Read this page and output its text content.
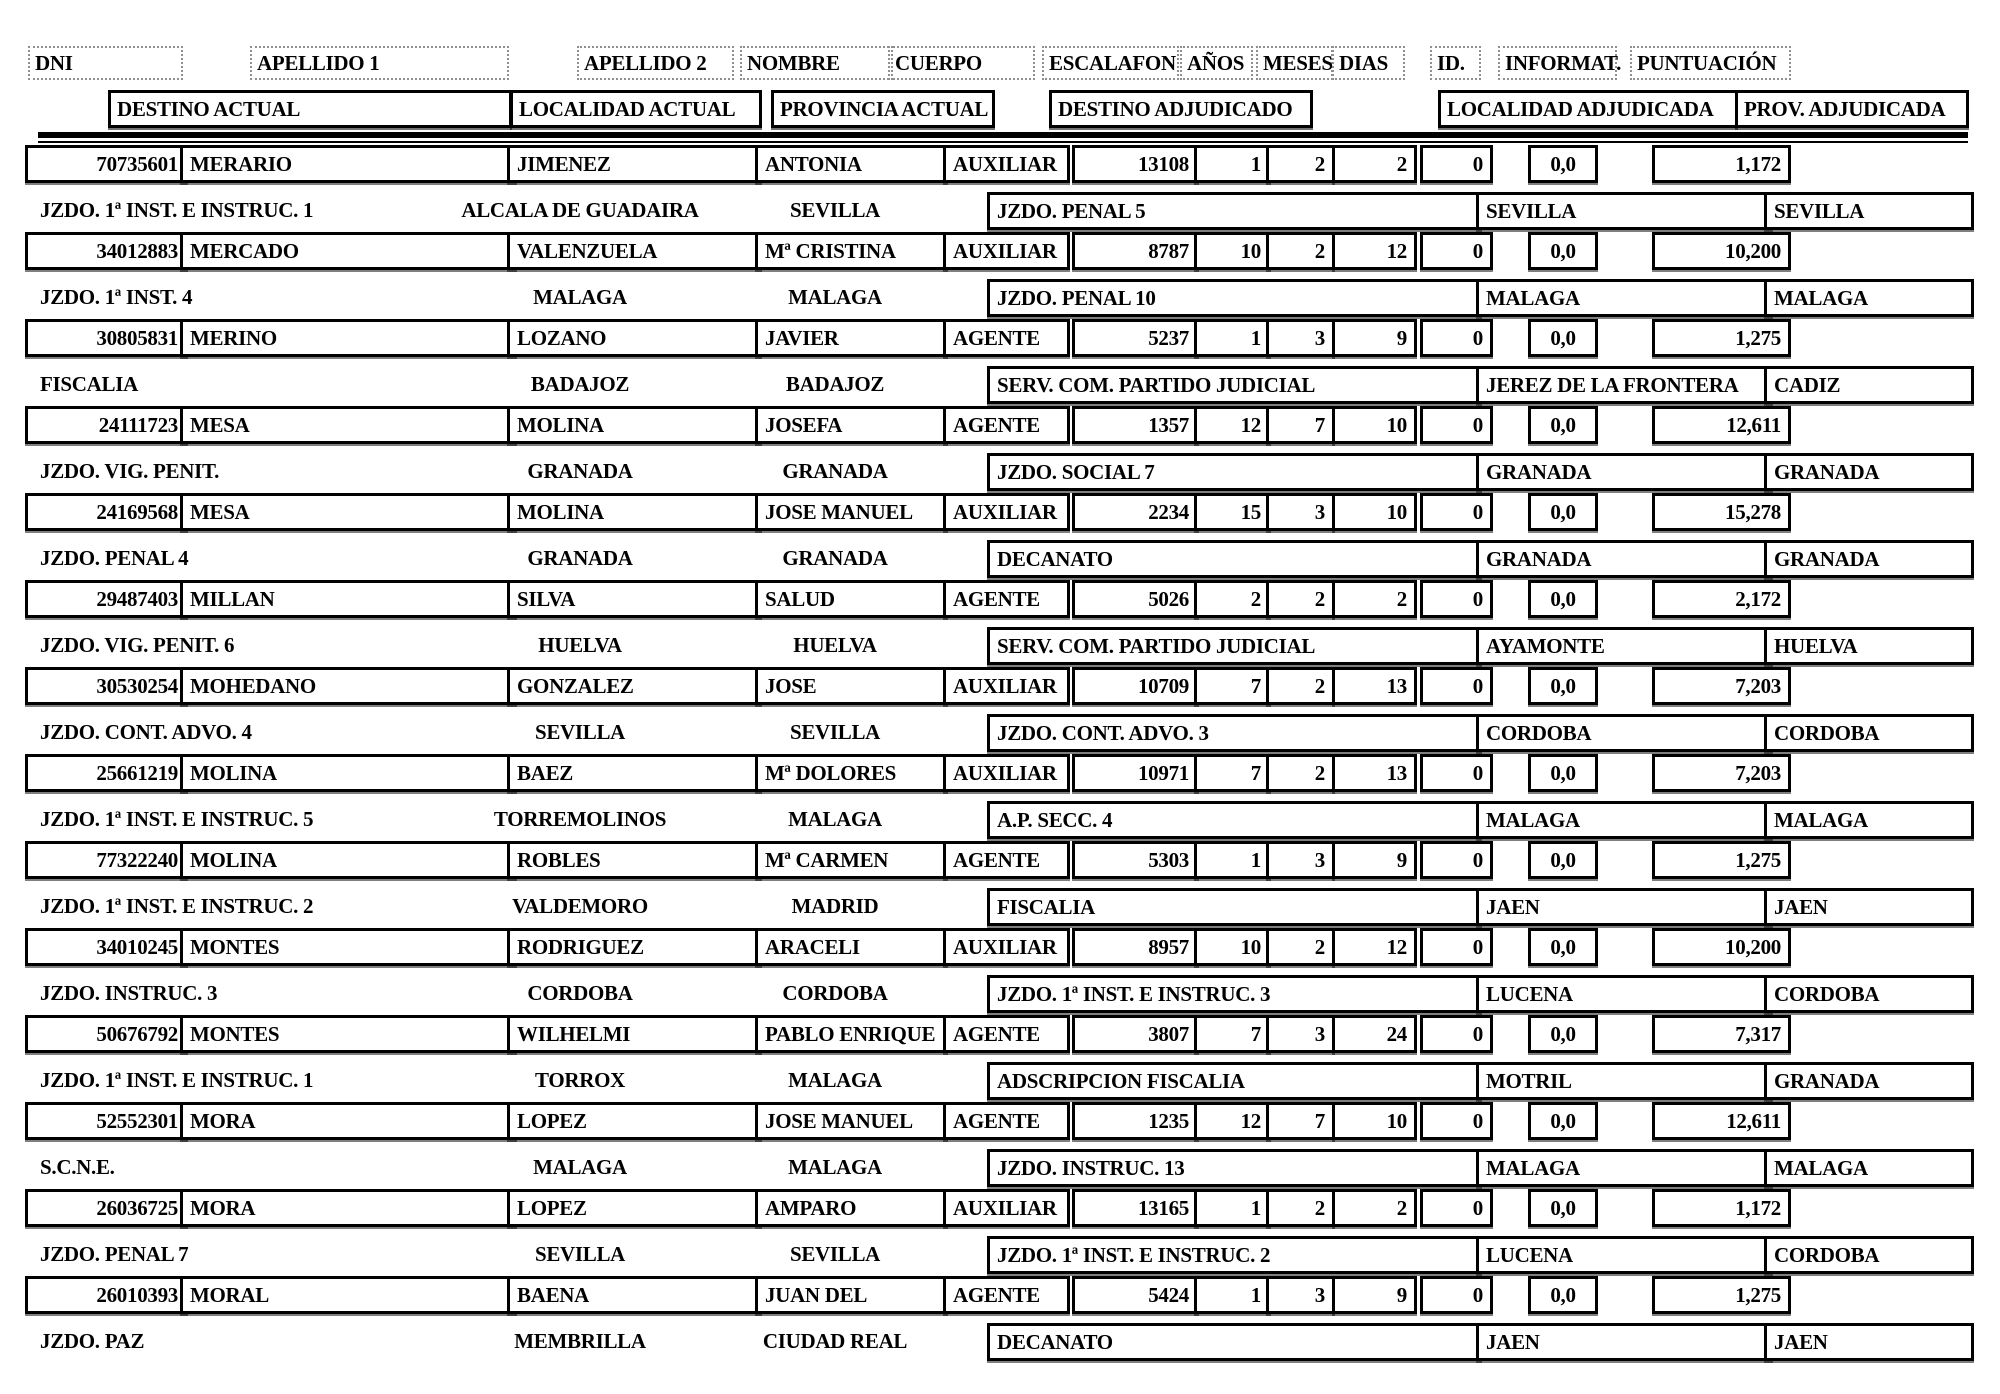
DNI	APELLIDO 1	APELLIDO 2	NOMBRE	CUERPO	ESCALAFON AÑOS MESES DIAS	ID.	INFORMAT. PUNTUACIÓN
DESTINO ACTUAL	LOCALIDAD ACTUAL	PROVINCIA ACTUAL	DESTINO ADJUDICADO	LOCALIDAD ADJUDICADA	PROV. ADJUDICADA
70735601 MERARIO	JIMENEZ	ANTONIA	AUXILIAR	13108	1	2	2	0	0,0	1,172
JZDO. 1ª INST. E INSTRUC. 1	ALCALA DE GUADAIRA	SEVILLA	JZDO. PENAL 5	SEVILLA	SEVILLA
34012883 MERCADO	VALENZUELA	Mª CRISTINA	AUXILIAR	8787	10	2	12	0	0,0	10,200
JZDO. 1ª INST. 4	MALAGA	MALAGA	JZDO. PENAL 10	MALAGA	MALAGA
30805831 MERINO	LOZANO	JAVIER	AGENTE	5237	1	3	9	0	0,0	1,275
FISCALIA	BADAJOZ	BADAJOZ	SERV. COM. PARTIDO JUDICIAL	JEREZ DE LA FRONTERA	CADIZ
24111723 MESA	MOLINA	JOSEFA	AGENTE	1357	12	7	10	0	0,0	12,611
JZDO. VIG. PENIT.	GRANADA	GRANADA	JZDO. SOCIAL 7	GRANADA	GRANADA
24169568 MESA	MOLINA	JOSE MANUEL	AUXILIAR	2234	15	3	10	0	0,0	15,278
JZDO. PENAL 4	GRANADA	GRANADA	DECANATO	GRANADA	GRANADA
29487403 MILLAN	SILVA	SALUD	AGENTE	5026	2	2	2	0	0,0	2,172
JZDO. VIG. PENIT. 6	HUELVA	HUELVA	SERV. COM. PARTIDO JUDICIAL	AYAMONTE	HUELVA
30530254 MOHEDANO	GONZALEZ	JOSE	AUXILIAR	10709	7	2	13	0	0,0	7,203
JZDO. CONT. ADVO. 4	SEVILLA	SEVILLA	JZDO. CONT. ADVO. 3	CORDOBA	CORDOBA
25661219 MOLINA	BAEZ	Mª DOLORES	AUXILIAR	10971	7	2	13	0	0,0	7,203
JZDO. 1ª INST. E INSTRUC. 5	TORREMOLINOS	MALAGA	A.P. SECC. 4	MALAGA	MALAGA
77322240 MOLINA	ROBLES	Mª CARMEN	AGENTE	5303	1	3	9	0	0,0	1,275
JZDO. 1ª INST. E INSTRUC. 2	VALDEMORO	MADRID	FISCALIA	JAEN	JAEN
34010245 MONTES	RODRIGUEZ	ARACELI	AUXILIAR	8957	10	2	12	0	0,0	10,200
JZDO. INSTRUC. 3	CORDOBA	CORDOBA	JZDO. 1ª INST. E INSTRUC. 3	LUCENA	CORDOBA
50676792 MONTES	WILHELMI	PABLO ENRIQUE AGENTE	3807	7	3	24	0	0,0	7,317
JZDO. 1ª INST. E INSTRUC. 1	TORROX	MALAGA	ADSCRIPCION FISCALIA	MOTRIL	GRANADA
52552301 MORA	LOPEZ	JOSE MANUEL	AGENTE	1235	12	7	10	0	0,0	12,611
S.C.N.E.	MALAGA	MALAGA	JZDO. INSTRUC. 13	MALAGA	MALAGA
26036725 MORA	LOPEZ	AMPARO	AUXILIAR	13165	1	2	2	0	0,0	1,172
JZDO. PENAL 7	SEVILLA	SEVILLA	JZDO. 1ª INST. E INSTRUC. 2	LUCENA	CORDOBA
26010393 MORAL	BAENA	JUAN DEL	AGENTE	5424	1	3	9	0	0,0	1,275
JZDO. PAZ	MEMBRILLA	CIUDAD REAL	DECANATO	JAEN	JAEN
